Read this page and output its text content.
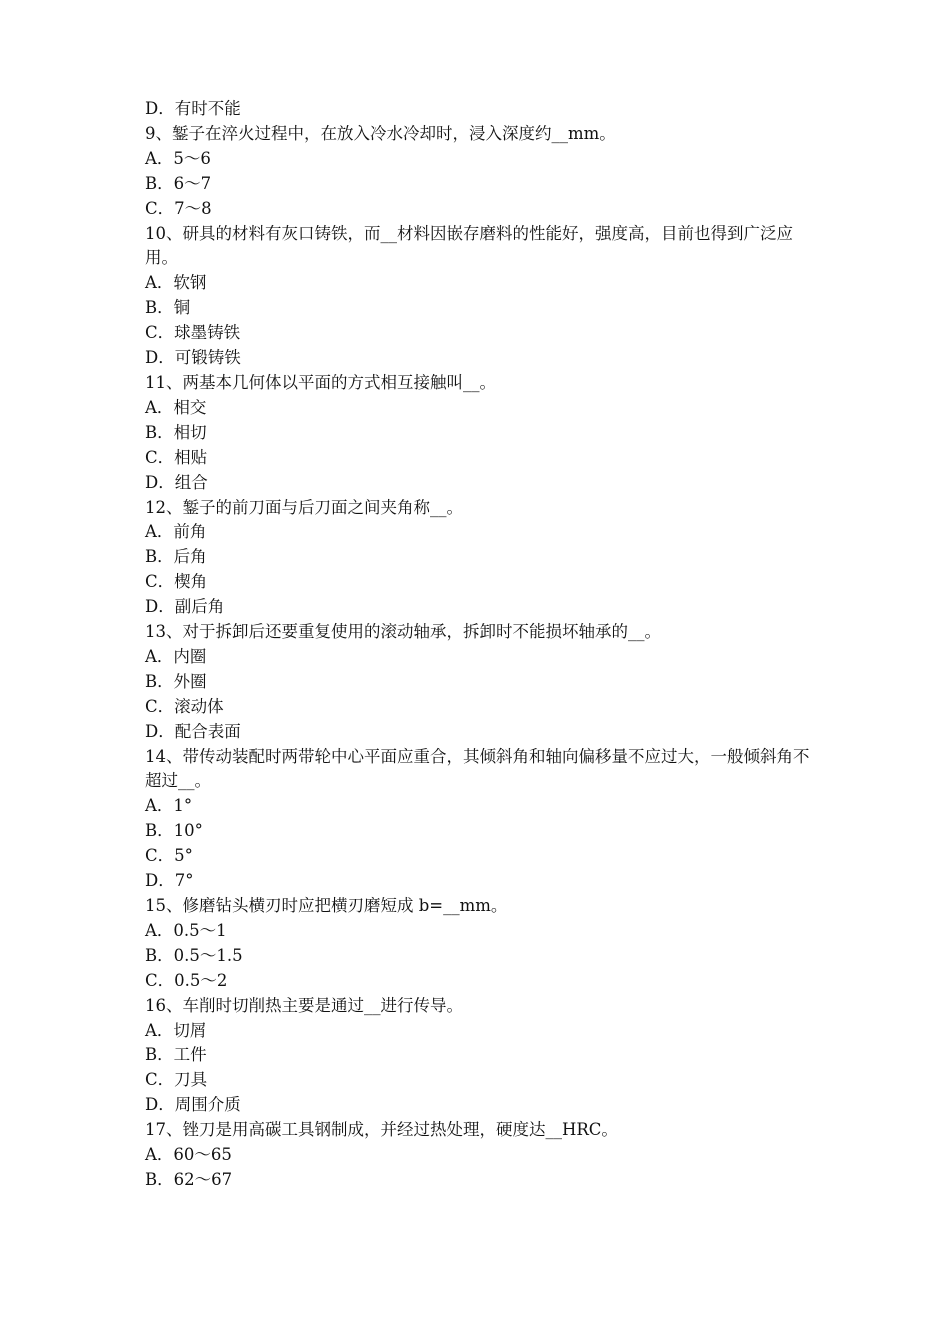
D．有时不能

9、錾子在淬火过程中，在放入冷水冷却时，浸入深度约__mm。

A．5～6

B．6～7

C．7～8

10、研具的材料有灰口铸铁，而__材料因嵌存磨料的性能好，强度高，目前也得到广泛应用。

A．软钢

B．铜

C．球墨铸铁

D．可锻铸铁

11、两基本几何体以平面的方式相互接触叫__。

A．相交

B．相切

C．相贴

D．组合

12、錾子的前刀面与后刀面之间夹角称__。

A．前角

B．后角

C．楔角

D．副后角

13、对于拆卸后还要重复使用的滚动轴承，拆卸时不能损坏轴承的__。

A．内圈

B．外圈

C．滚动体

D．配合表面

14、带传动装配时两带轮中心平面应重合，其倾斜角和轴向偏移量不应过大，一般倾斜角不超过__。

A．1°

B．10°

C．5°

D．7°

15、修磨钻头横刃时应把横刃磨短成 b=__mm。

A．0.5～1

B．0.5～1.5

C．0.5～2

16、车削时切削热主要是通过__进行传导。

A．切屑

B．工件

C．刀具

D．周围介质

17、锉刀是用高碳工具钢制成，并经过热处理，硬度达__HRC。

A．60～65

B．62～67
